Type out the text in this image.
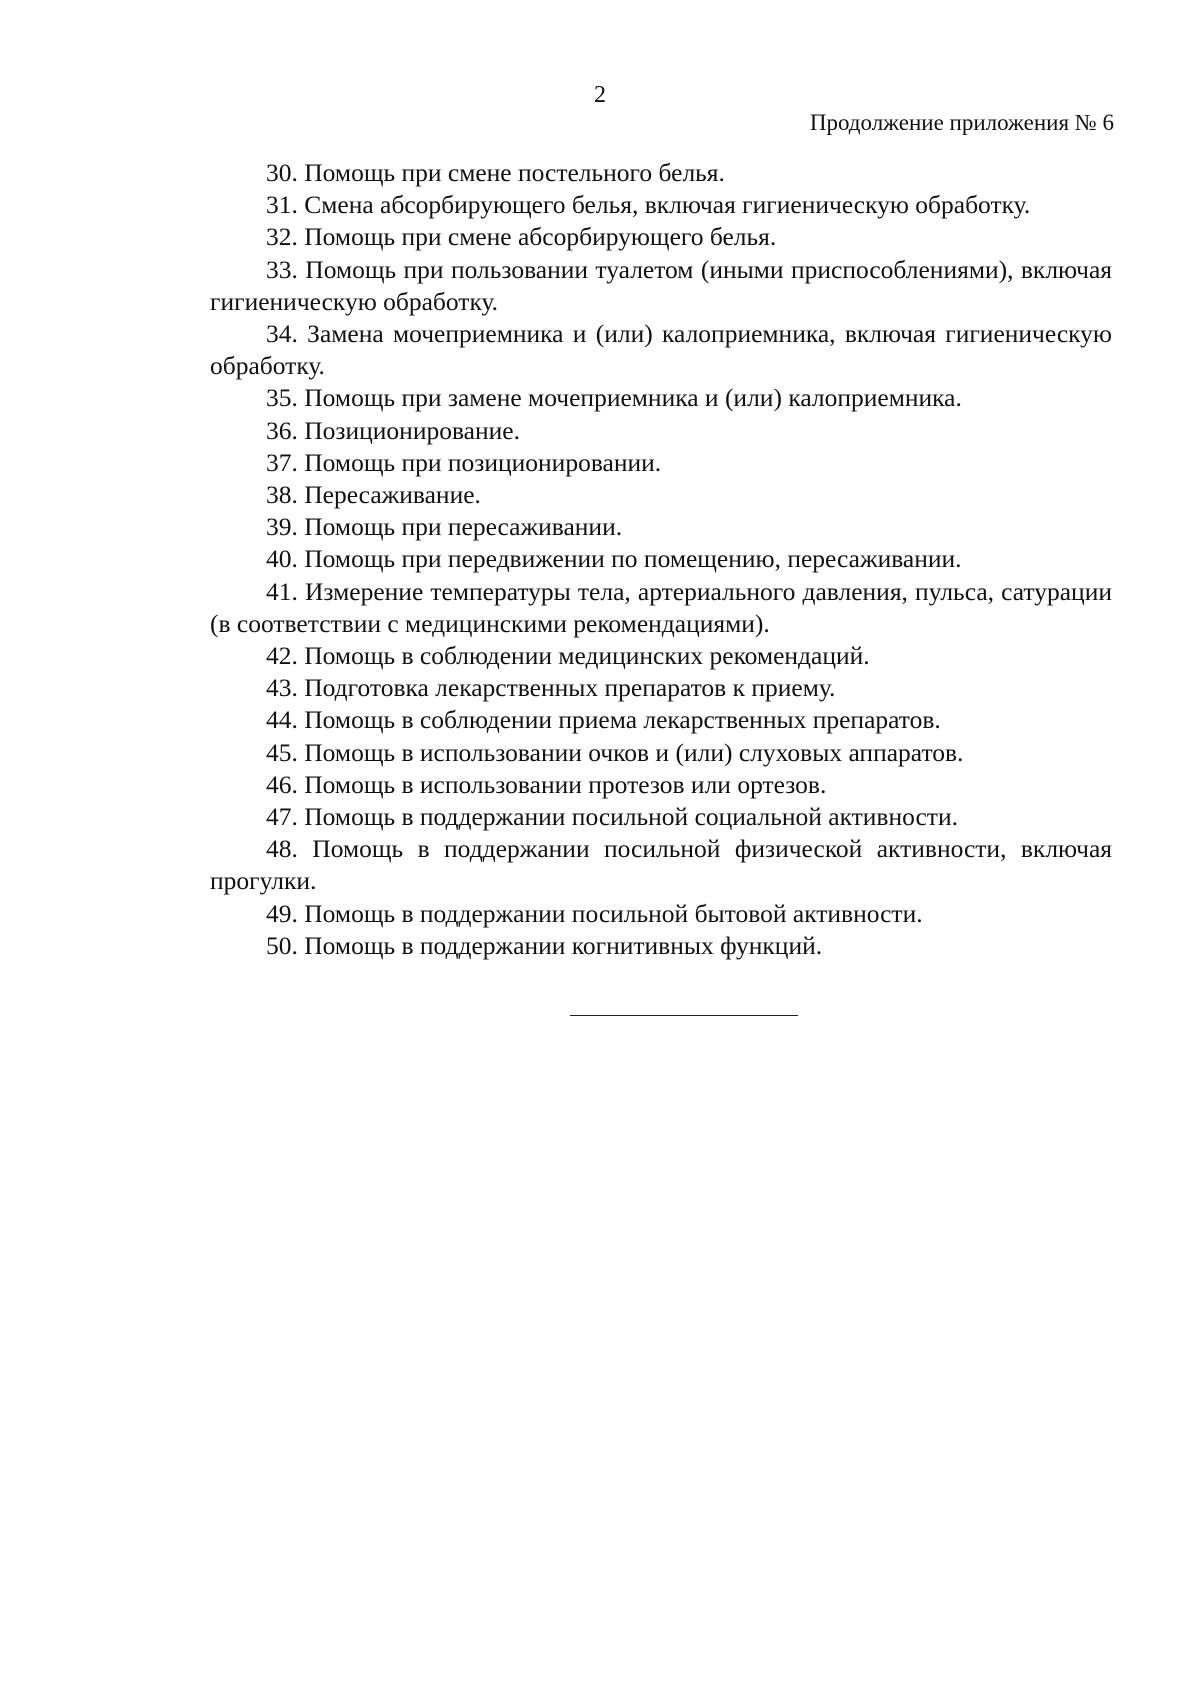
2
Продолжение приложения № 6

30. Помощь при смене постельного белья.

31. Смена абсорбирующего белья, включая гигиеническую обработку.

32. Помощь при смене абсорбирующего белья.

33. Помощь при пользовании туалетом (иными приспособлениями), включая гигиеническую обработку.

34. Замена мочеприемника и (или) калоприемника, включая гигиеническую обработку.

35. Помощь при замене мочеприемника и (или) калоприемника.

36. Позиционирование.

37. Помощь при позиционировании.

38. Пересаживание.

39. Помощь при пересаживании.

40. Помощь при передвижении по помещению, пересаживании.

41. Измерение температуры тела, артериального давления, пульса, сатурации (в соответствии с медицинскими рекомендациями).

42. Помощь в соблюдении медицинских рекомендаций.

43. Подготовка лекарственных препаратов к приему.

44. Помощь в соблюдении приема лекарственных препаратов.

45. Помощь в использовании очков и (или) слуховых аппаратов.

46. Помощь в использовании протезов или ортезов.

47. Помощь в поддержании посильной социальной активности.

48. Помощь в поддержании посильной физической активности, включая прогулки.

49. Помощь в поддержании посильной бытовой активности.

50. Помощь в поддержании когнитивных функций.
